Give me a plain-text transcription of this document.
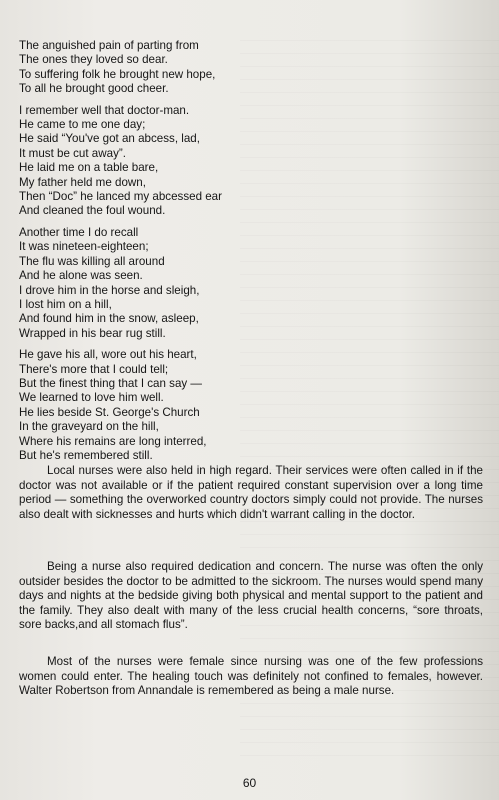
The anguished pain of parting from
The ones they loved so dear.
To suffering folk he brought new hope,
To all he brought good cheer.
I remember well that doctor-man.
He came to me one day;
He said “You've got an abcess, lad,
It must be cut away”.
He laid me on a table bare,
My father held me down,
Then “Doc” he lanced my abcessed ear
And cleaned the foul wound.
Another time I do recall
It was nineteen-eighteen;
The flu was killing all around
And he alone was seen.
I drove him in the horse and sleigh,
I lost him on a hill,
And found him in the snow, asleep,
Wrapped in his bear rug still.
He gave his all, wore out his heart,
There's more that I could tell;
But the finest thing that I can say —
We learned to love him well.
He lies beside St. George's Church
In the graveyard on the hill,
Where his remains are long interred,
But he's remembered still.

Local nurses were also held in high regard. Their services were often called in if the doctor was not available or if the patient required constant supervision over a long time period — something the overworked country doctors simply could not provide. The nurses also dealt with sicknesses and hurts which didn't warrant calling in the doctor.

Being a nurse also required dedication and concern. The nurse was often the only outsider besides the doctor to be admitted to the sickroom. The nurses would spend many days and nights at the bedside giving both physical and mental support to the patient and the family. They also dealt with many of the less crucial health concerns, “sore throats, sore backs,and all stomach flus”.

Most of the nurses were female since nursing was one of the few professions women could enter. The healing touch was definitely not confined to females, however. Walter Robertson from Annandale is remembered as being a male nurse.

60
